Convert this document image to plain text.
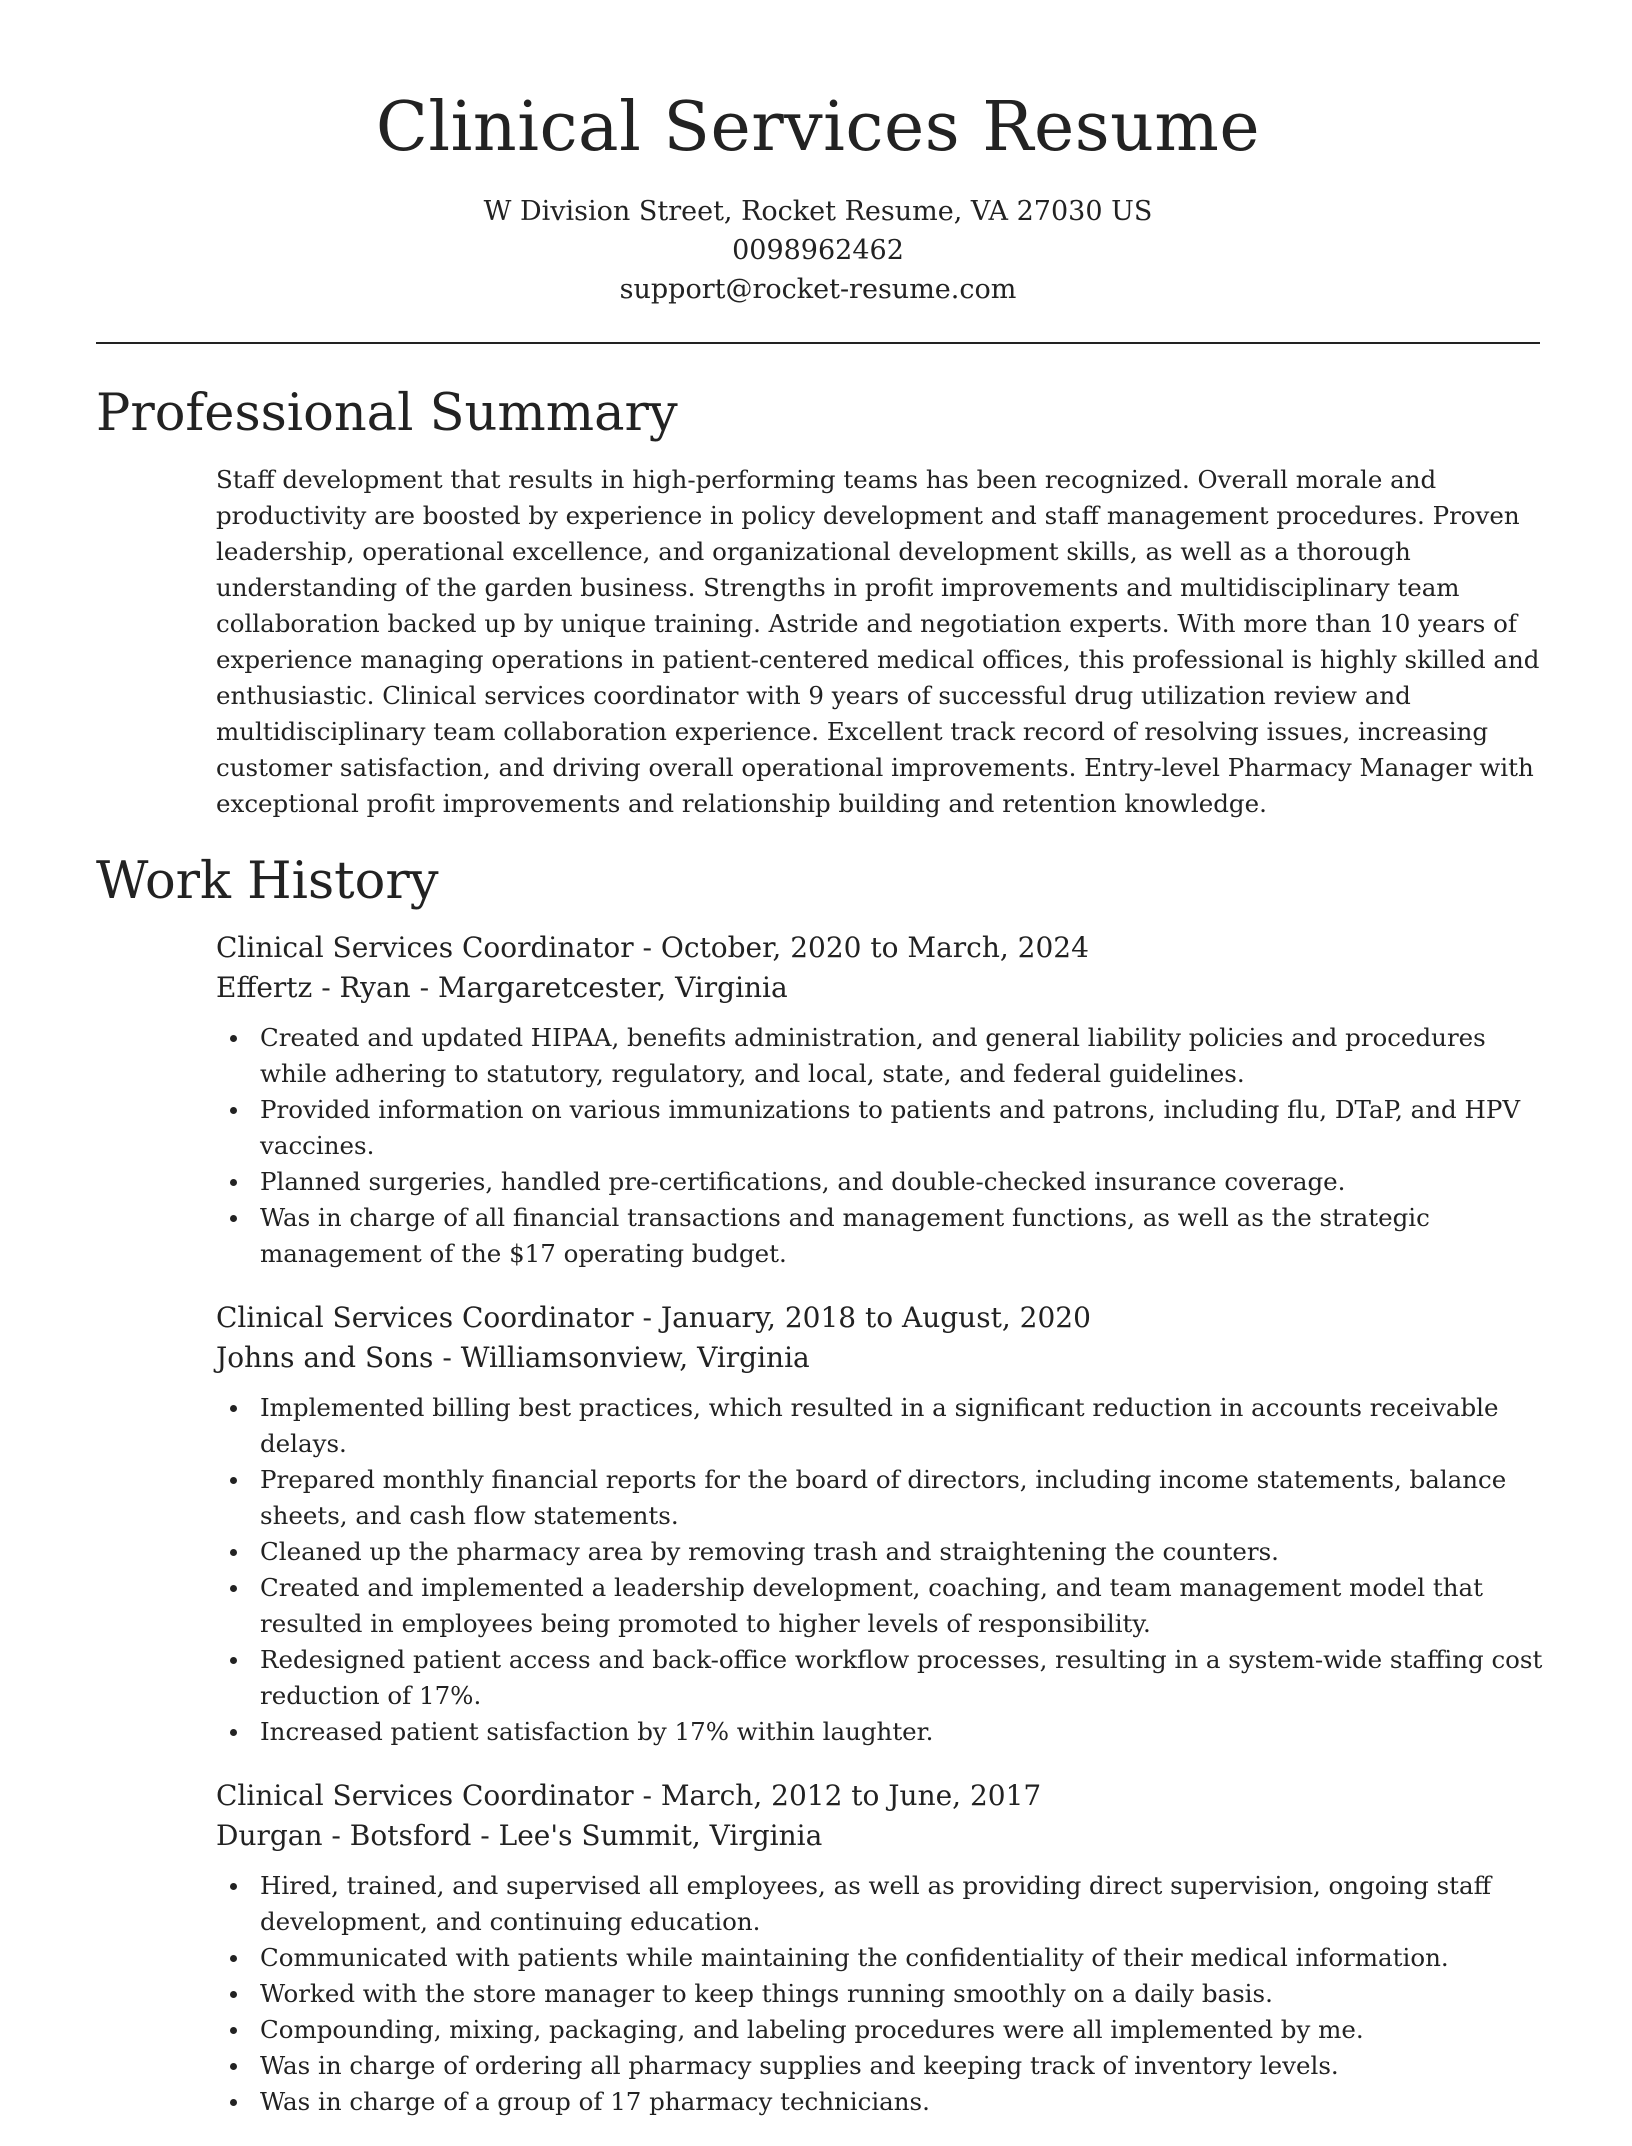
Clinical Services Resume
W Division Street, Rocket Resume, VA 27030 US
0098962462
support@rocket-resume.com
Professional Summary

Staff development that results in high-performing teams has been recognized. Overall morale and productivity are boosted by experience in policy development and staff management procedures. Proven leadership, operational excellence, and organizational development skills, as well as a thorough understanding of the garden business. Strengths in profit improvements and multidisciplinary team collaboration backed up by unique training. Astride and negotiation experts. With more than 10 years of experience managing operations in patient-centered medical offices, this professional is highly skilled and enthusiastic. Clinical services coordinator with 9 years of successful drug utilization review and multidisciplinary team collaboration experience. Excellent track record of resolving issues, increasing customer satisfaction, and driving overall operational improvements. Entry-level Pharmacy Manager with exceptional profit improvements and relationship building and retention knowledge.

Work History
Clinical Services Coordinator - October, 2020 to March, 2024
Effertz - Ryan - Margaretcester, Virginia
Created and updated HIPAA, benefits administration, and general liability policies and procedures while adhering to statutory, regulatory, and local, state, and federal guidelines.
Provided information on various immunizations to patients and patrons, including flu, DTaP, and HPV vaccines.
Planned surgeries, handled pre-certifications, and double-checked insurance coverage.
Was in charge of all financial transactions and management functions, as well as the strategic management of the $17 operating budget.
Clinical Services Coordinator - January, 2018 to August, 2020
Johns and Sons - Williamsonview, Virginia
Implemented billing best practices, which resulted in a significant reduction in accounts receivable delays.
Prepared monthly financial reports for the board of directors, including income statements, balance sheets, and cash flow statements.
Cleaned up the pharmacy area by removing trash and straightening the counters.
Created and implemented a leadership development, coaching, and team management model that resulted in employees being promoted to higher levels of responsibility.
Redesigned patient access and back-office workflow processes, resulting in a system-wide staffing cost reduction of 17%.
Increased patient satisfaction by 17% within laughter.
Clinical Services Coordinator - March, 2012 to June, 2017
Durgan - Botsford - Lee's Summit, Virginia
Hired, trained, and supervised all employees, as well as providing direct supervision, ongoing staff development, and continuing education.
Communicated with patients while maintaining the confidentiality of their medical information.
Worked with the store manager to keep things running smoothly on a daily basis.
Compounding, mixing, packaging, and labeling procedures were all implemented by me.
Was in charge of ordering all pharmacy supplies and keeping track of inventory levels.
Was in charge of a group of 17 pharmacy technicians.
